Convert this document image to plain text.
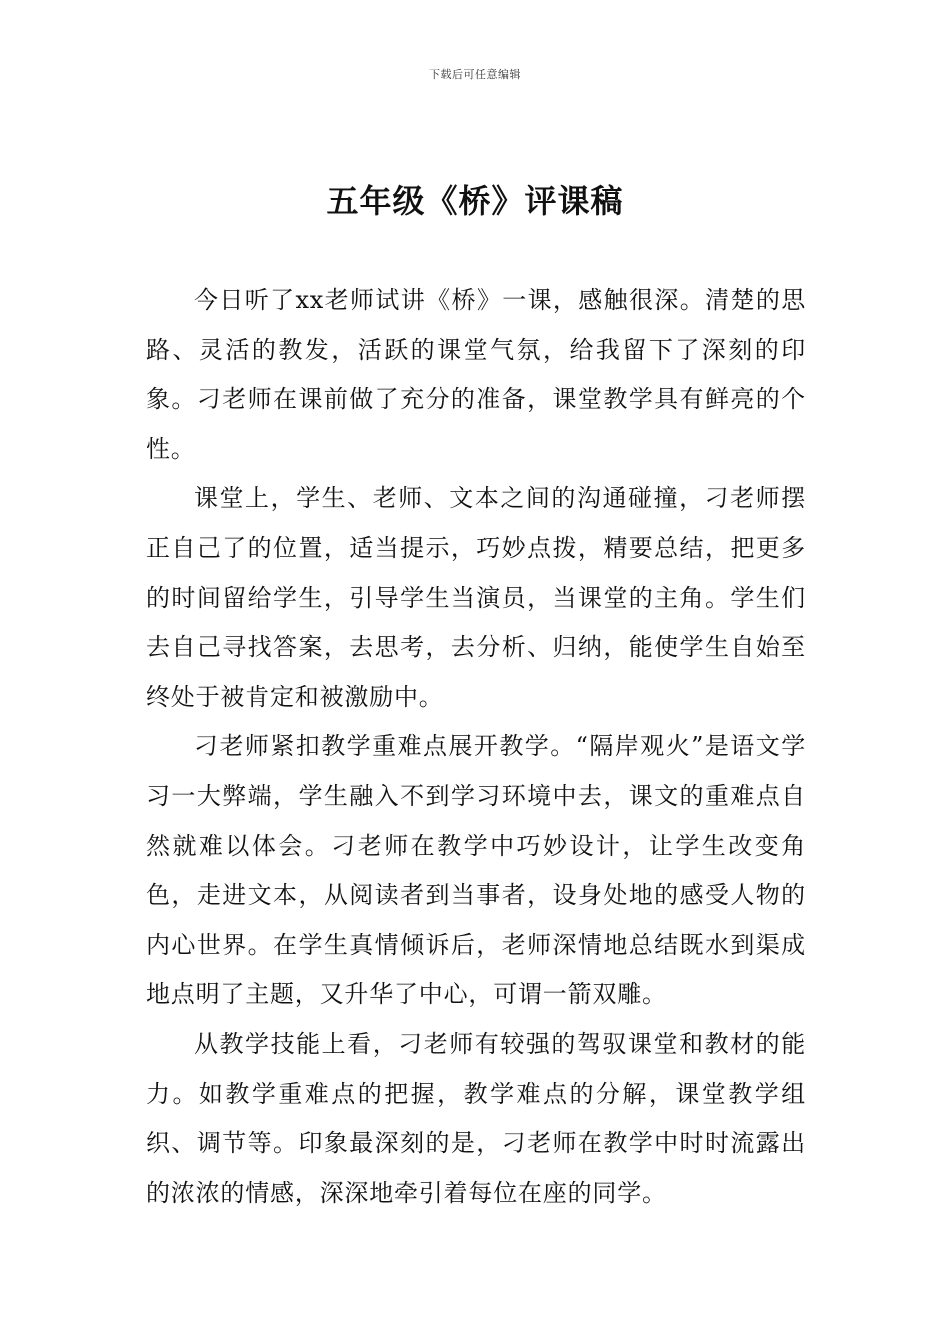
下载后可任意编辑
五年级《桥》评课稿

今日听了xx老师试讲《桥》一课，感触很深。清楚的思路、灵活的教发，活跃的课堂气氛，给我留下了深刻的印象。刁老师在课前做了充分的准备，课堂教学具有鲜亮的个性。

课堂上，学生、老师、文本之间的沟通碰撞，刁老师摆正自己了的位置，适当提示，巧妙点拨，精要总结，把更多的时间留给学生，引导学生当演员，当课堂的主角。学生们去自己寻找答案，去思考，去分析、归纳，能使学生自始至终处于被肯定和被激励中。

刁老师紧扣教学重难点展开教学。“隔岸观火”是语文学习一大弊端，学生融入不到学习环境中去，课文的重难点自然就难以体会。刁老师在教学中巧妙设计，让学生改变角色，走进文本，从阅读者到当事者，设身处地的感受人物的内心世界。在学生真情倾诉后，老师深情地总结既水到渠成地点明了主题，又升华了中心，可谓一箭双雕。

从教学技能上看，刁老师有较强的驾驭课堂和教材的能力。如教学重难点的把握，教学难点的分解，课堂教学组织、调节等。印象最深刻的是，刁老师在教学中时时流露出的浓浓的情感，深深地牵引着每位在座的同学。
